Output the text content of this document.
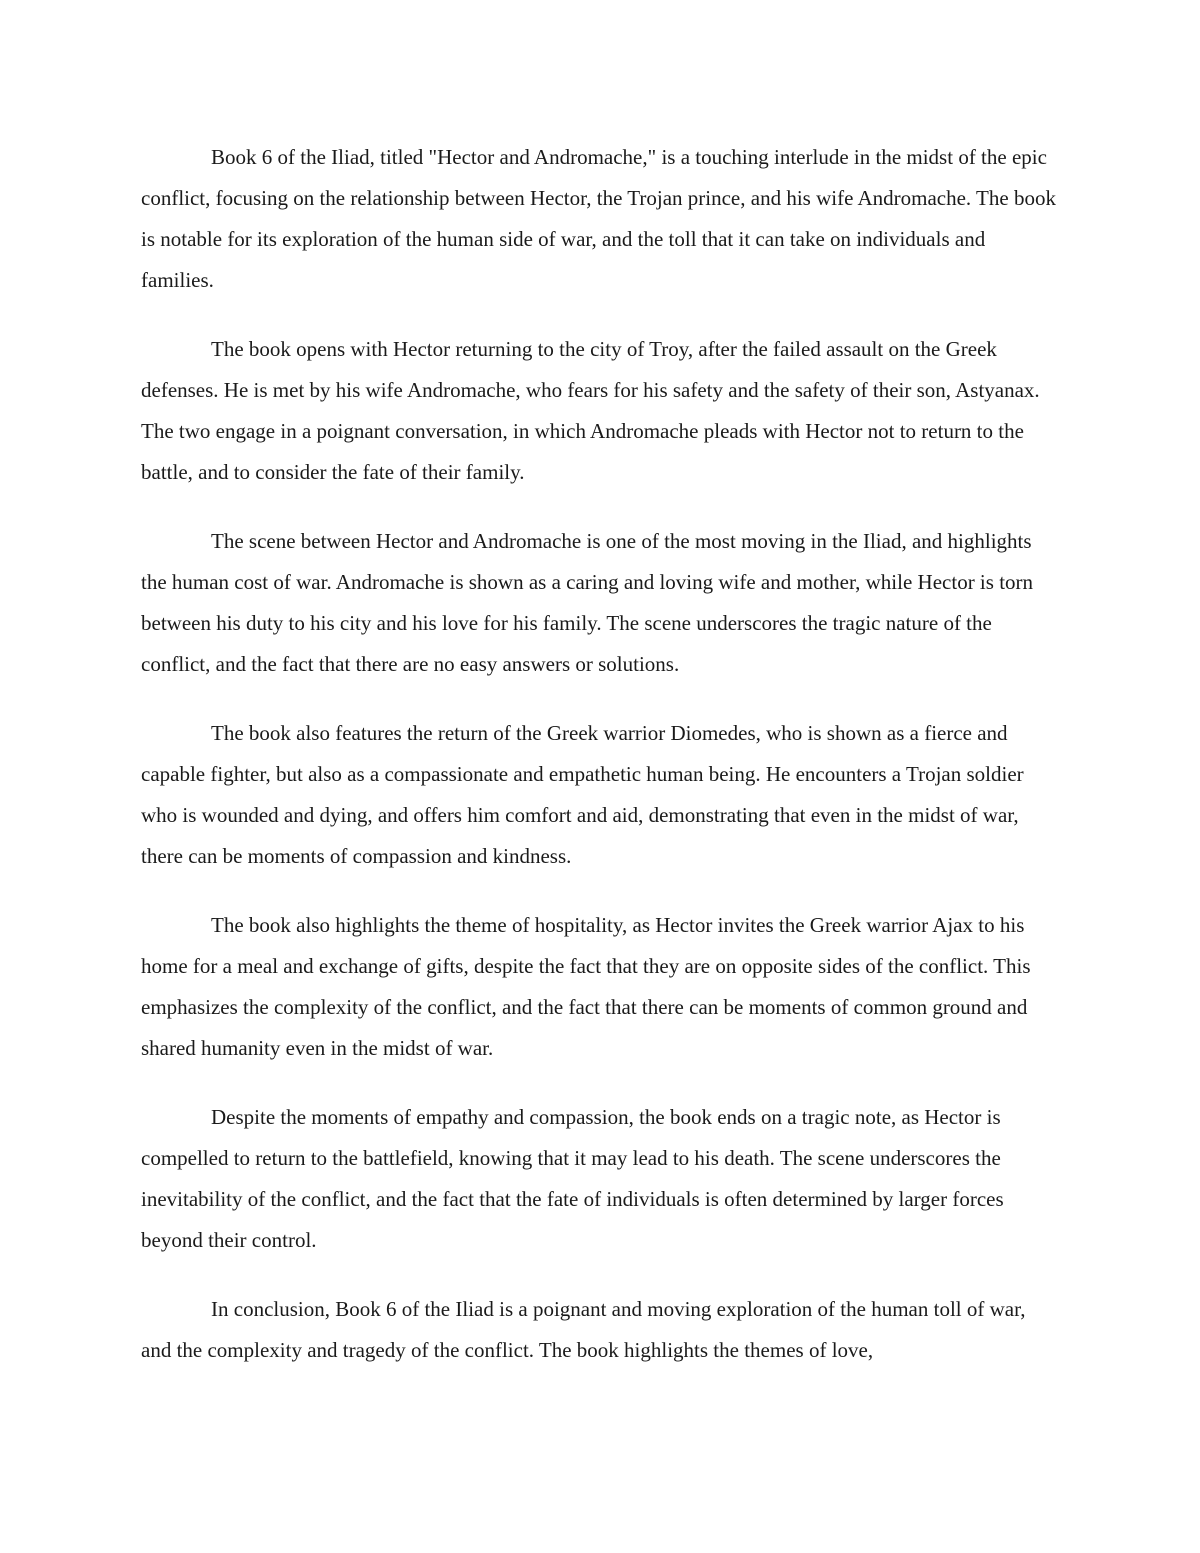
Book 6 of the Iliad, titled "Hector and Andromache," is a touching interlude in the midst of the epic conflict, focusing on the relationship between Hector, the Trojan prince, and his wife Andromache. The book is notable for its exploration of the human side of war, and the toll that it can take on individuals and families.

The book opens with Hector returning to the city of Troy, after the failed assault on the Greek defenses. He is met by his wife Andromache, who fears for his safety and the safety of their son, Astyanax. The two engage in a poignant conversation, in which Andromache pleads with Hector not to return to the battle, and to consider the fate of their family.

The scene between Hector and Andromache is one of the most moving in the Iliad, and highlights the human cost of war. Andromache is shown as a caring and loving wife and mother, while Hector is torn between his duty to his city and his love for his family. The scene underscores the tragic nature of the conflict, and the fact that there are no easy answers or solutions.

The book also features the return of the Greek warrior Diomedes, who is shown as a fierce and capable fighter, but also as a compassionate and empathetic human being. He encounters a Trojan soldier who is wounded and dying, and offers him comfort and aid, demonstrating that even in the midst of war, there can be moments of compassion and kindness.

The book also highlights the theme of hospitality, as Hector invites the Greek warrior Ajax to his home for a meal and exchange of gifts, despite the fact that they are on opposite sides of the conflict. This emphasizes the complexity of the conflict, and the fact that there can be moments of common ground and shared humanity even in the midst of war.

Despite the moments of empathy and compassion, the book ends on a tragic note, as Hector is compelled to return to the battlefield, knowing that it may lead to his death. The scene underscores the inevitability of the conflict, and the fact that the fate of individuals is often determined by larger forces beyond their control.

In conclusion, Book 6 of the Iliad is a poignant and moving exploration of the human toll of war, and the complexity and tragedy of the conflict. The book highlights the themes of love,
